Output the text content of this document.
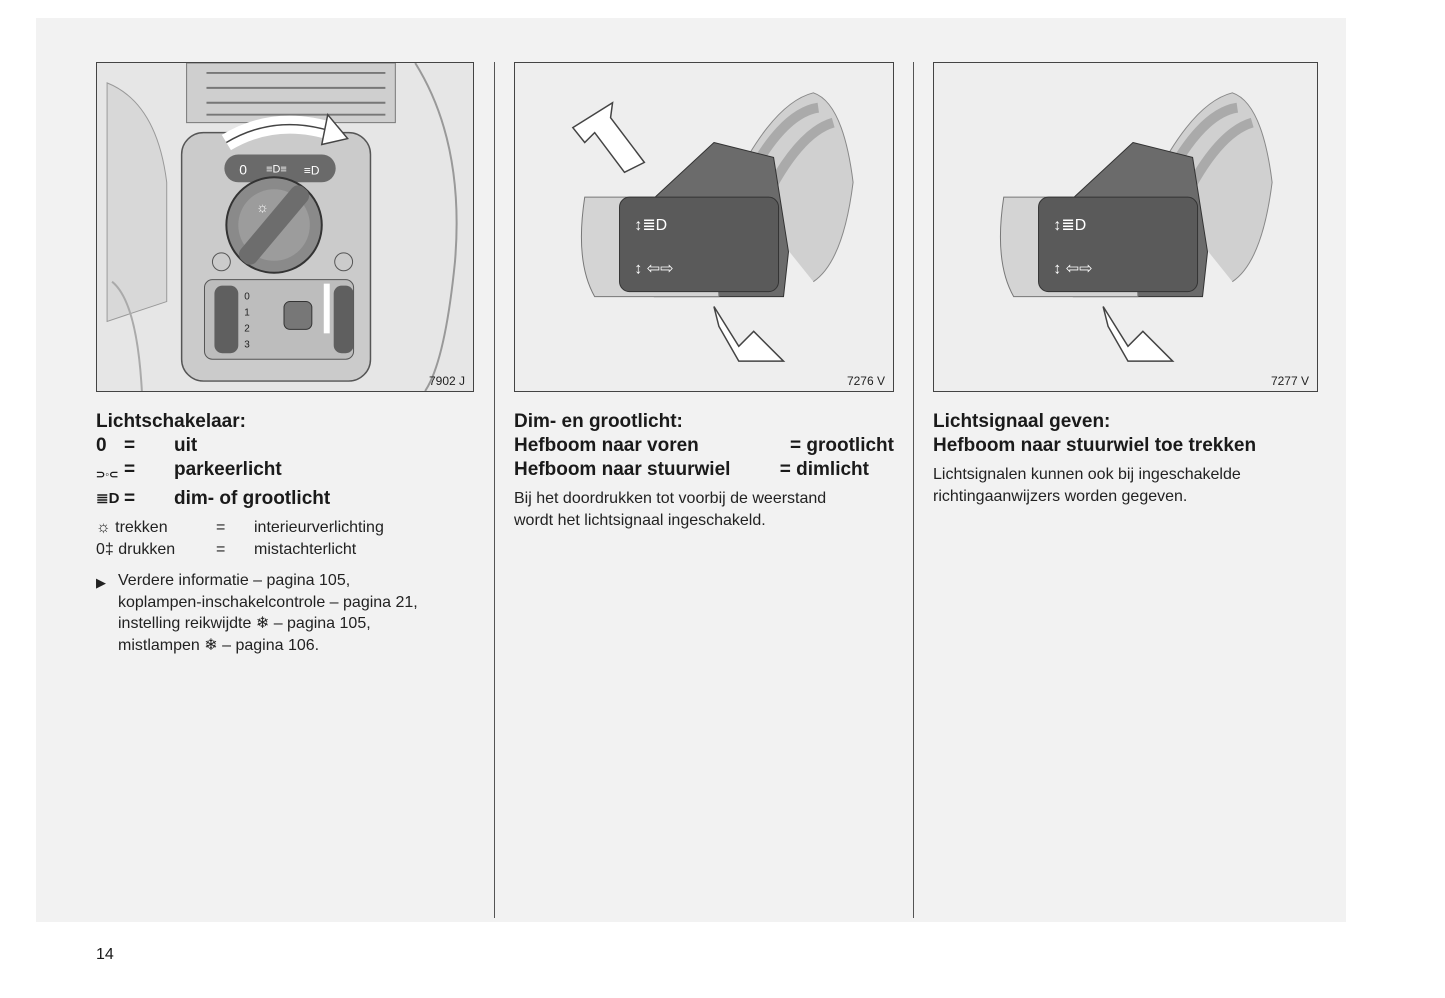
0 ≡D≡ ≡D
☼
0
1
2
3
7902 J
Lichtschakelaar:
0 =	uit
⊃◦⊂ =	parkeerlicht
≣D =	dim- of grootlicht
☼ trekken	=	interieurverlichting
0‡ drukken	=	mistachterlicht
▶ Verdere informatie – pagina 105,
koplampen-inschakelcontrole – pagina 21,
instelling reikwijdte ❄ – pagina 105,
mistlampen ❄ – pagina 106.
↕≣D
↕ ⇦⇨
7276 V
Dim- en grootlicht:
Hefboom naar voren	= grootlicht
Hefboom naar stuurwiel	= dimlicht
Bij het doordrukken tot voorbij de weerstand
wordt het lichtsignaal ingeschakeld.
↕≣D
↕ ⇦⇨
7277 V
Lichtsignaal geven:
Hefboom naar stuurwiel toe trekken
Lichtsignalen kunnen ook bij ingeschakelde
richtingaanwijzers worden gegeven.
14
